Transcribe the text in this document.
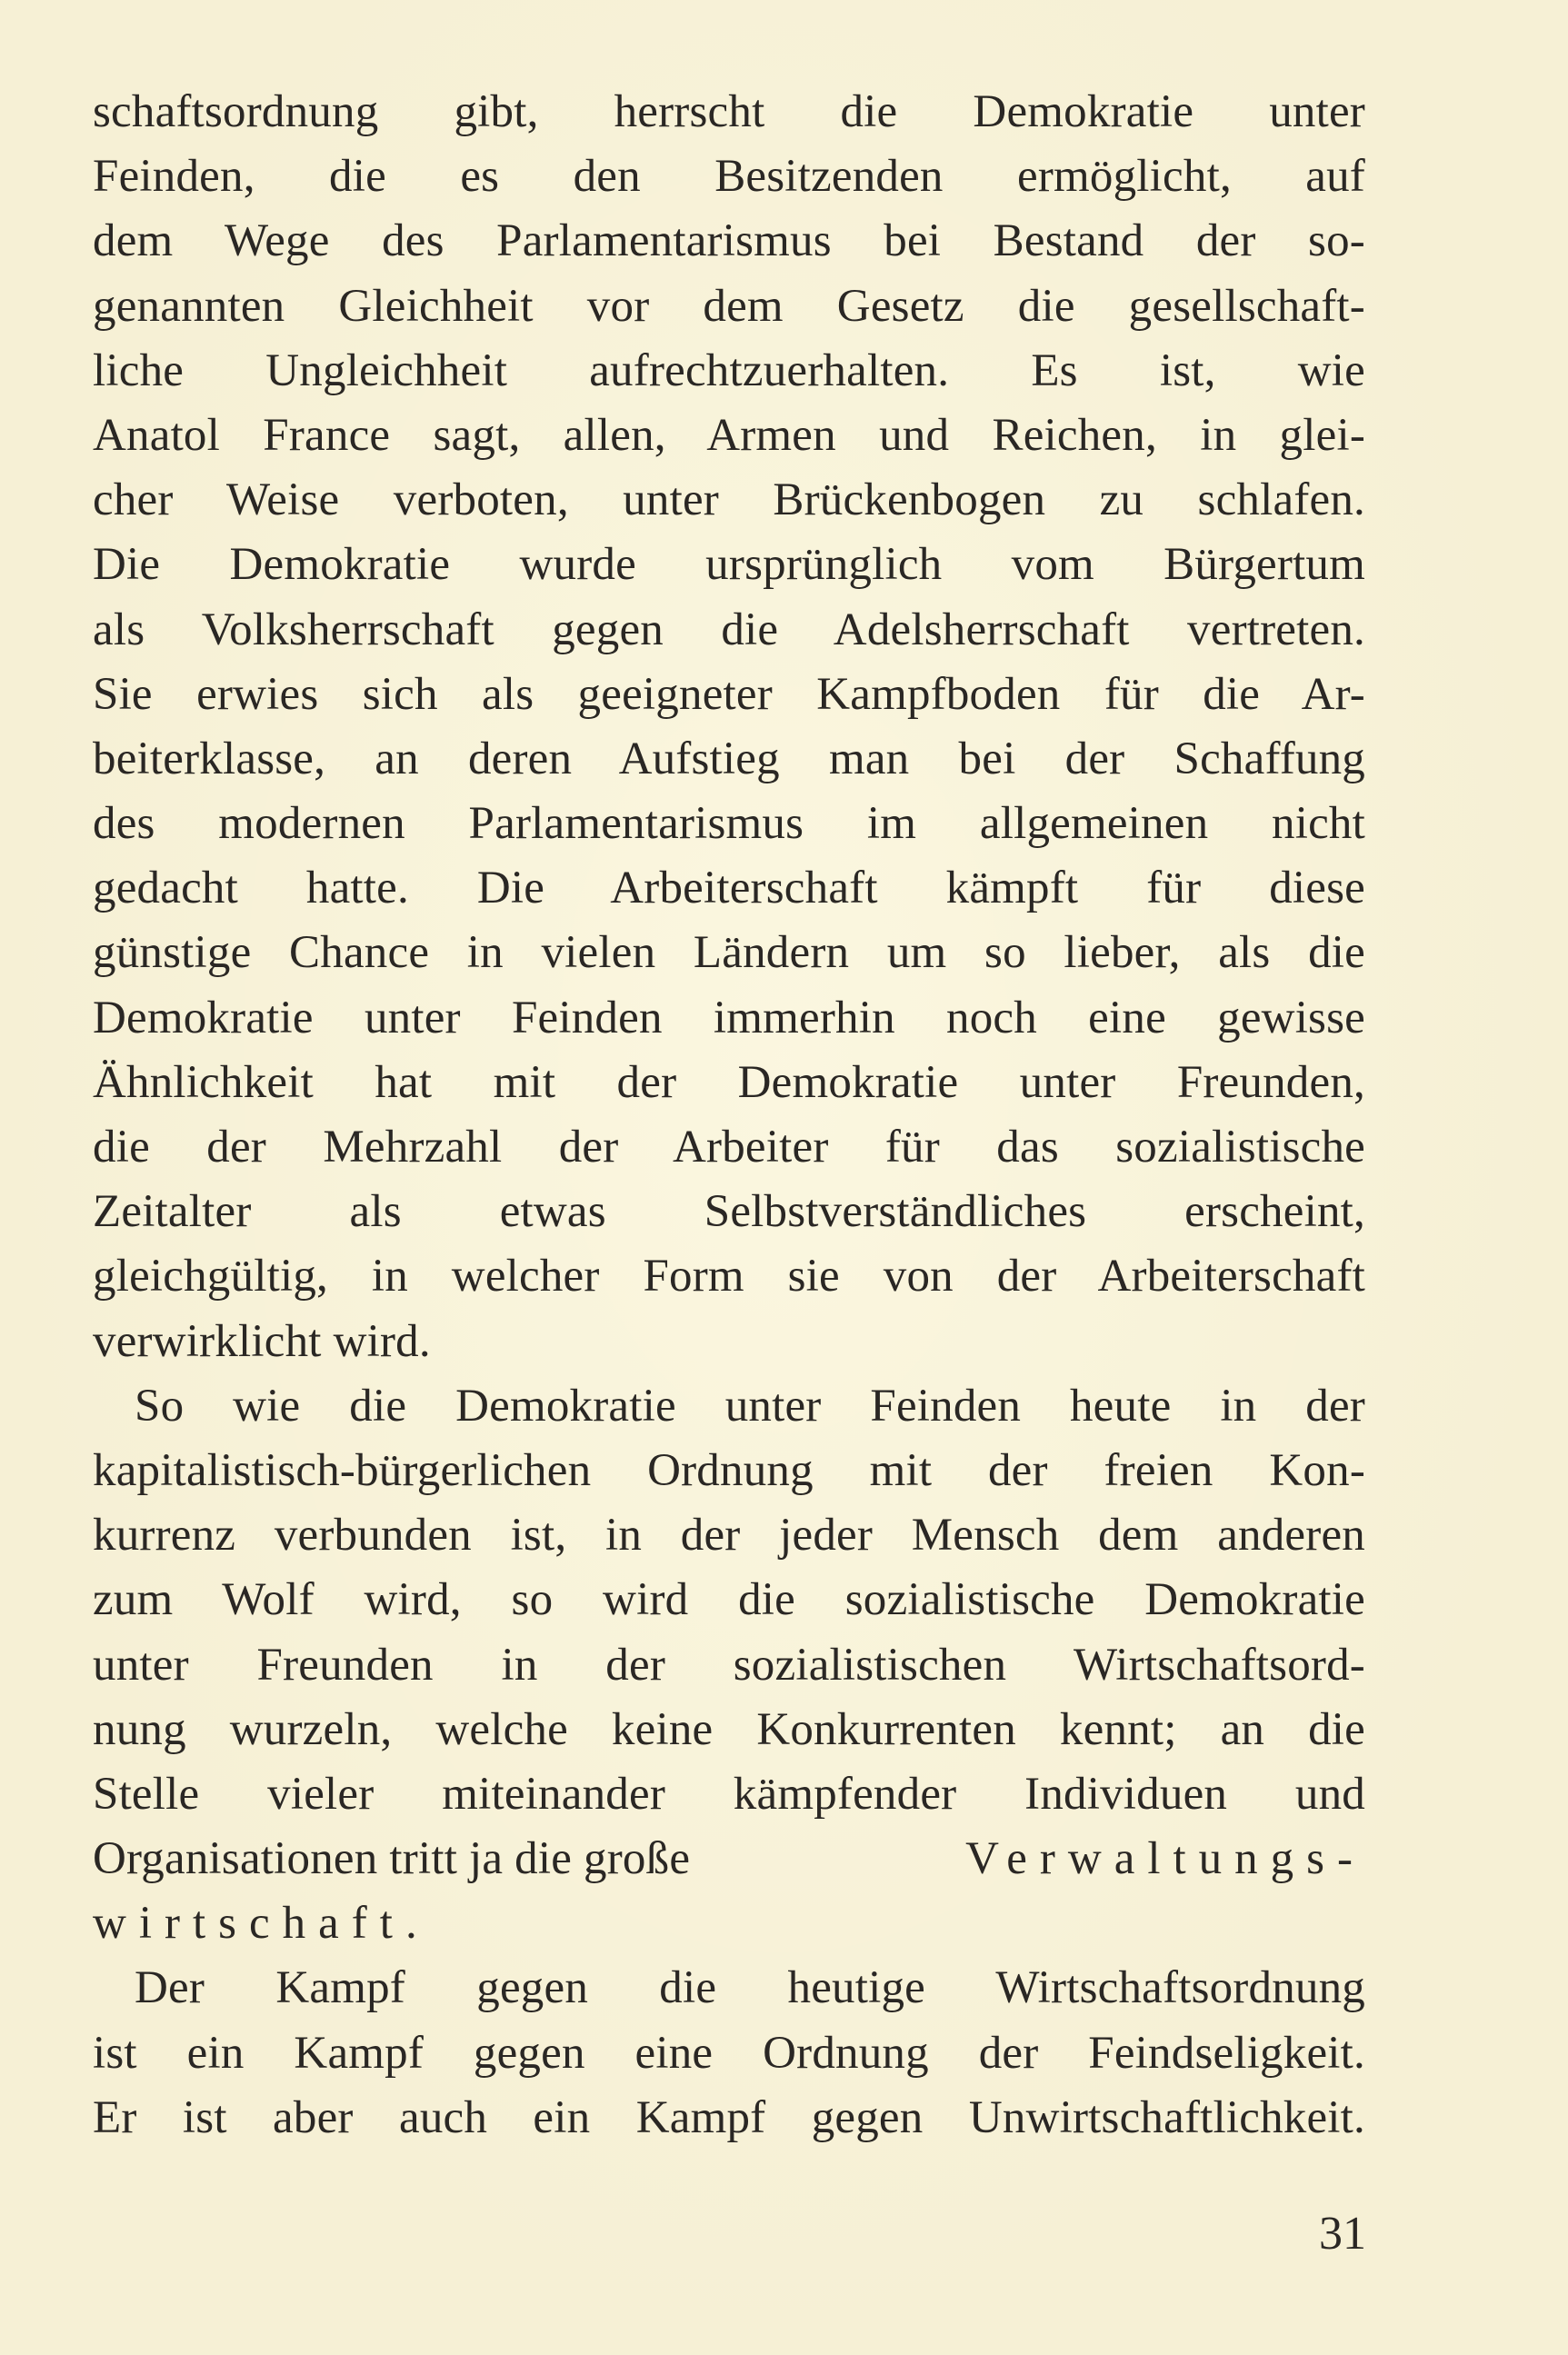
schaftsordnung gibt, herrscht die Demokratie unter
Feinden, die es den Besitzenden ermöglicht, auf
dem Wege des Parlamentarismus bei Bestand der so-
genannten Gleichheit vor dem Gesetz die gesellschaft-
liche Ungleichheit aufrechtzuerhalten. Es ist, wie
Anatol France sagt, allen, Armen und Reichen, in glei-
cher Weise verboten, unter Brückenbogen zu schlafen.
Die Demokratie wurde ursprünglich vom Bürgertum
als Volksherrschaft gegen die Adelsherrschaft vertreten.
Sie erwies sich als geeigneter Kampfboden für die Ar-
beiterklasse, an deren Aufstieg man bei der Schaffung
des modernen Parlamentarismus im allgemeinen nicht
gedacht hatte. Die Arbeiterschaft kämpft für diese
günstige Chance in vielen Ländern um so lieber, als die
Demokratie unter Feinden immerhin noch eine gewisse
Ähnlichkeit hat mit der Demokratie unter Freunden,
die der Mehrzahl der Arbeiter für das sozialistische
Zeitalter als etwas Selbstverständliches erscheint,
gleichgültig, in welcher Form sie von der Arbeiterschaft
verwirklicht wird.
So wie die Demokratie unter Feinden heute in der
kapitalistisch-bürgerlichen Ordnung mit der freien Kon-
kurrenz verbunden ist, in der jeder Mensch dem anderen
zum Wolf wird, so wird die sozialistische Demokratie
unter Freunden in der sozialistischen Wirtschaftsord-
nung wurzeln, welche keine Konkurrenten kennt; an die
Stelle vieler miteinander kämpfender Individuen und
Organisationen tritt ja die große	Verwaltungs-
wirtschaft.
Der Kampf gegen die heutige Wirtschaftsordnung
ist ein Kampf gegen eine Ordnung der Feindseligkeit.
Er ist aber auch ein Kampf gegen Unwirtschaftlichkeit.
31
